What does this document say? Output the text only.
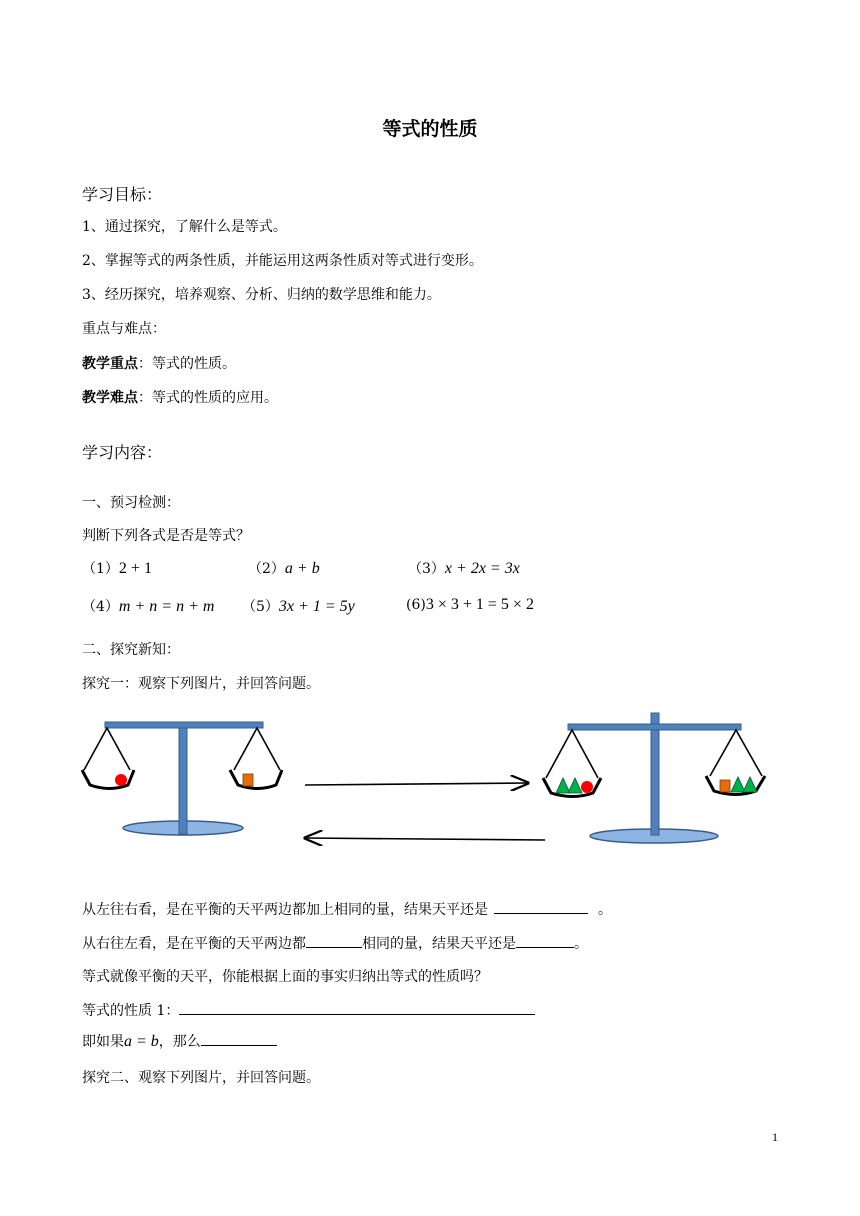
等式的性质
学习目标：
1、通过探究，了解什么是等式。
2、掌握等式的两条性质，并能运用这两条性质对等式进行变形。
3、经历探究，培养观察、分析、归纳的数学思维和能力。
重点与难点：
教学重点：等式的性质。
教学难点：等式的性质的应用。
学习内容：
一、预习检测：
判断下列各式是否是等式？
（1）2 + 1	（2）a + b	（3）x + 2x = 3x
（4）m + n = n + m （5）3x + 1 = 5y	(6)3 × 3 + 1 = 5 × 2
二、探究新知：
探究一：观察下列图片，并回答问题。
从左往右看，是在平衡的天平两边都加上相同的量，结果天平还是	。
从右往左看，是在平衡的天平两边都	相同的量，结果天平还是	。
等式就像平衡的天平，你能根据上面的事实归纳出等式的性质吗？
等式的性质 1：
即如果a = b，那么
探究二、观察下列图片，并回答问题。
1
